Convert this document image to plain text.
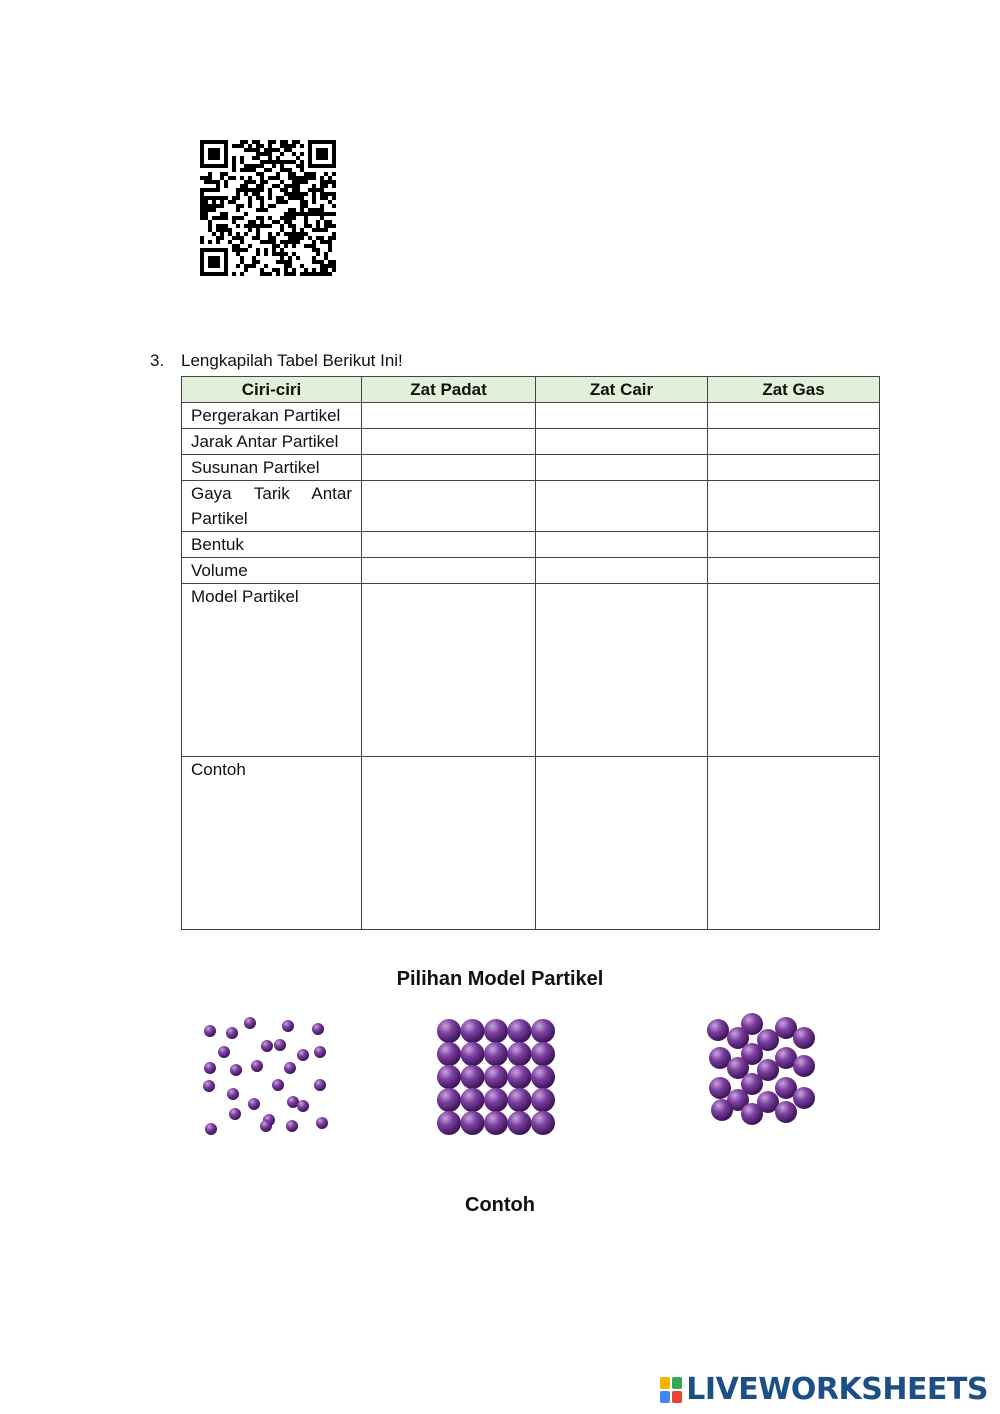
3. Lengkapilah Tabel Berikut Ini!
Ciri-ciri	Zat Padat	Zat Cair	Zat Gas
Pergerakan Partikel			
Jarak Antar Partikel			
Susunan Partikel			
Gaya Tarik Antar Partikel			
Bentuk			
Volume			
Model Partikel			
Contoh			
Pilihan Model Partikel
Contoh
LIVEWORKSHEETS
